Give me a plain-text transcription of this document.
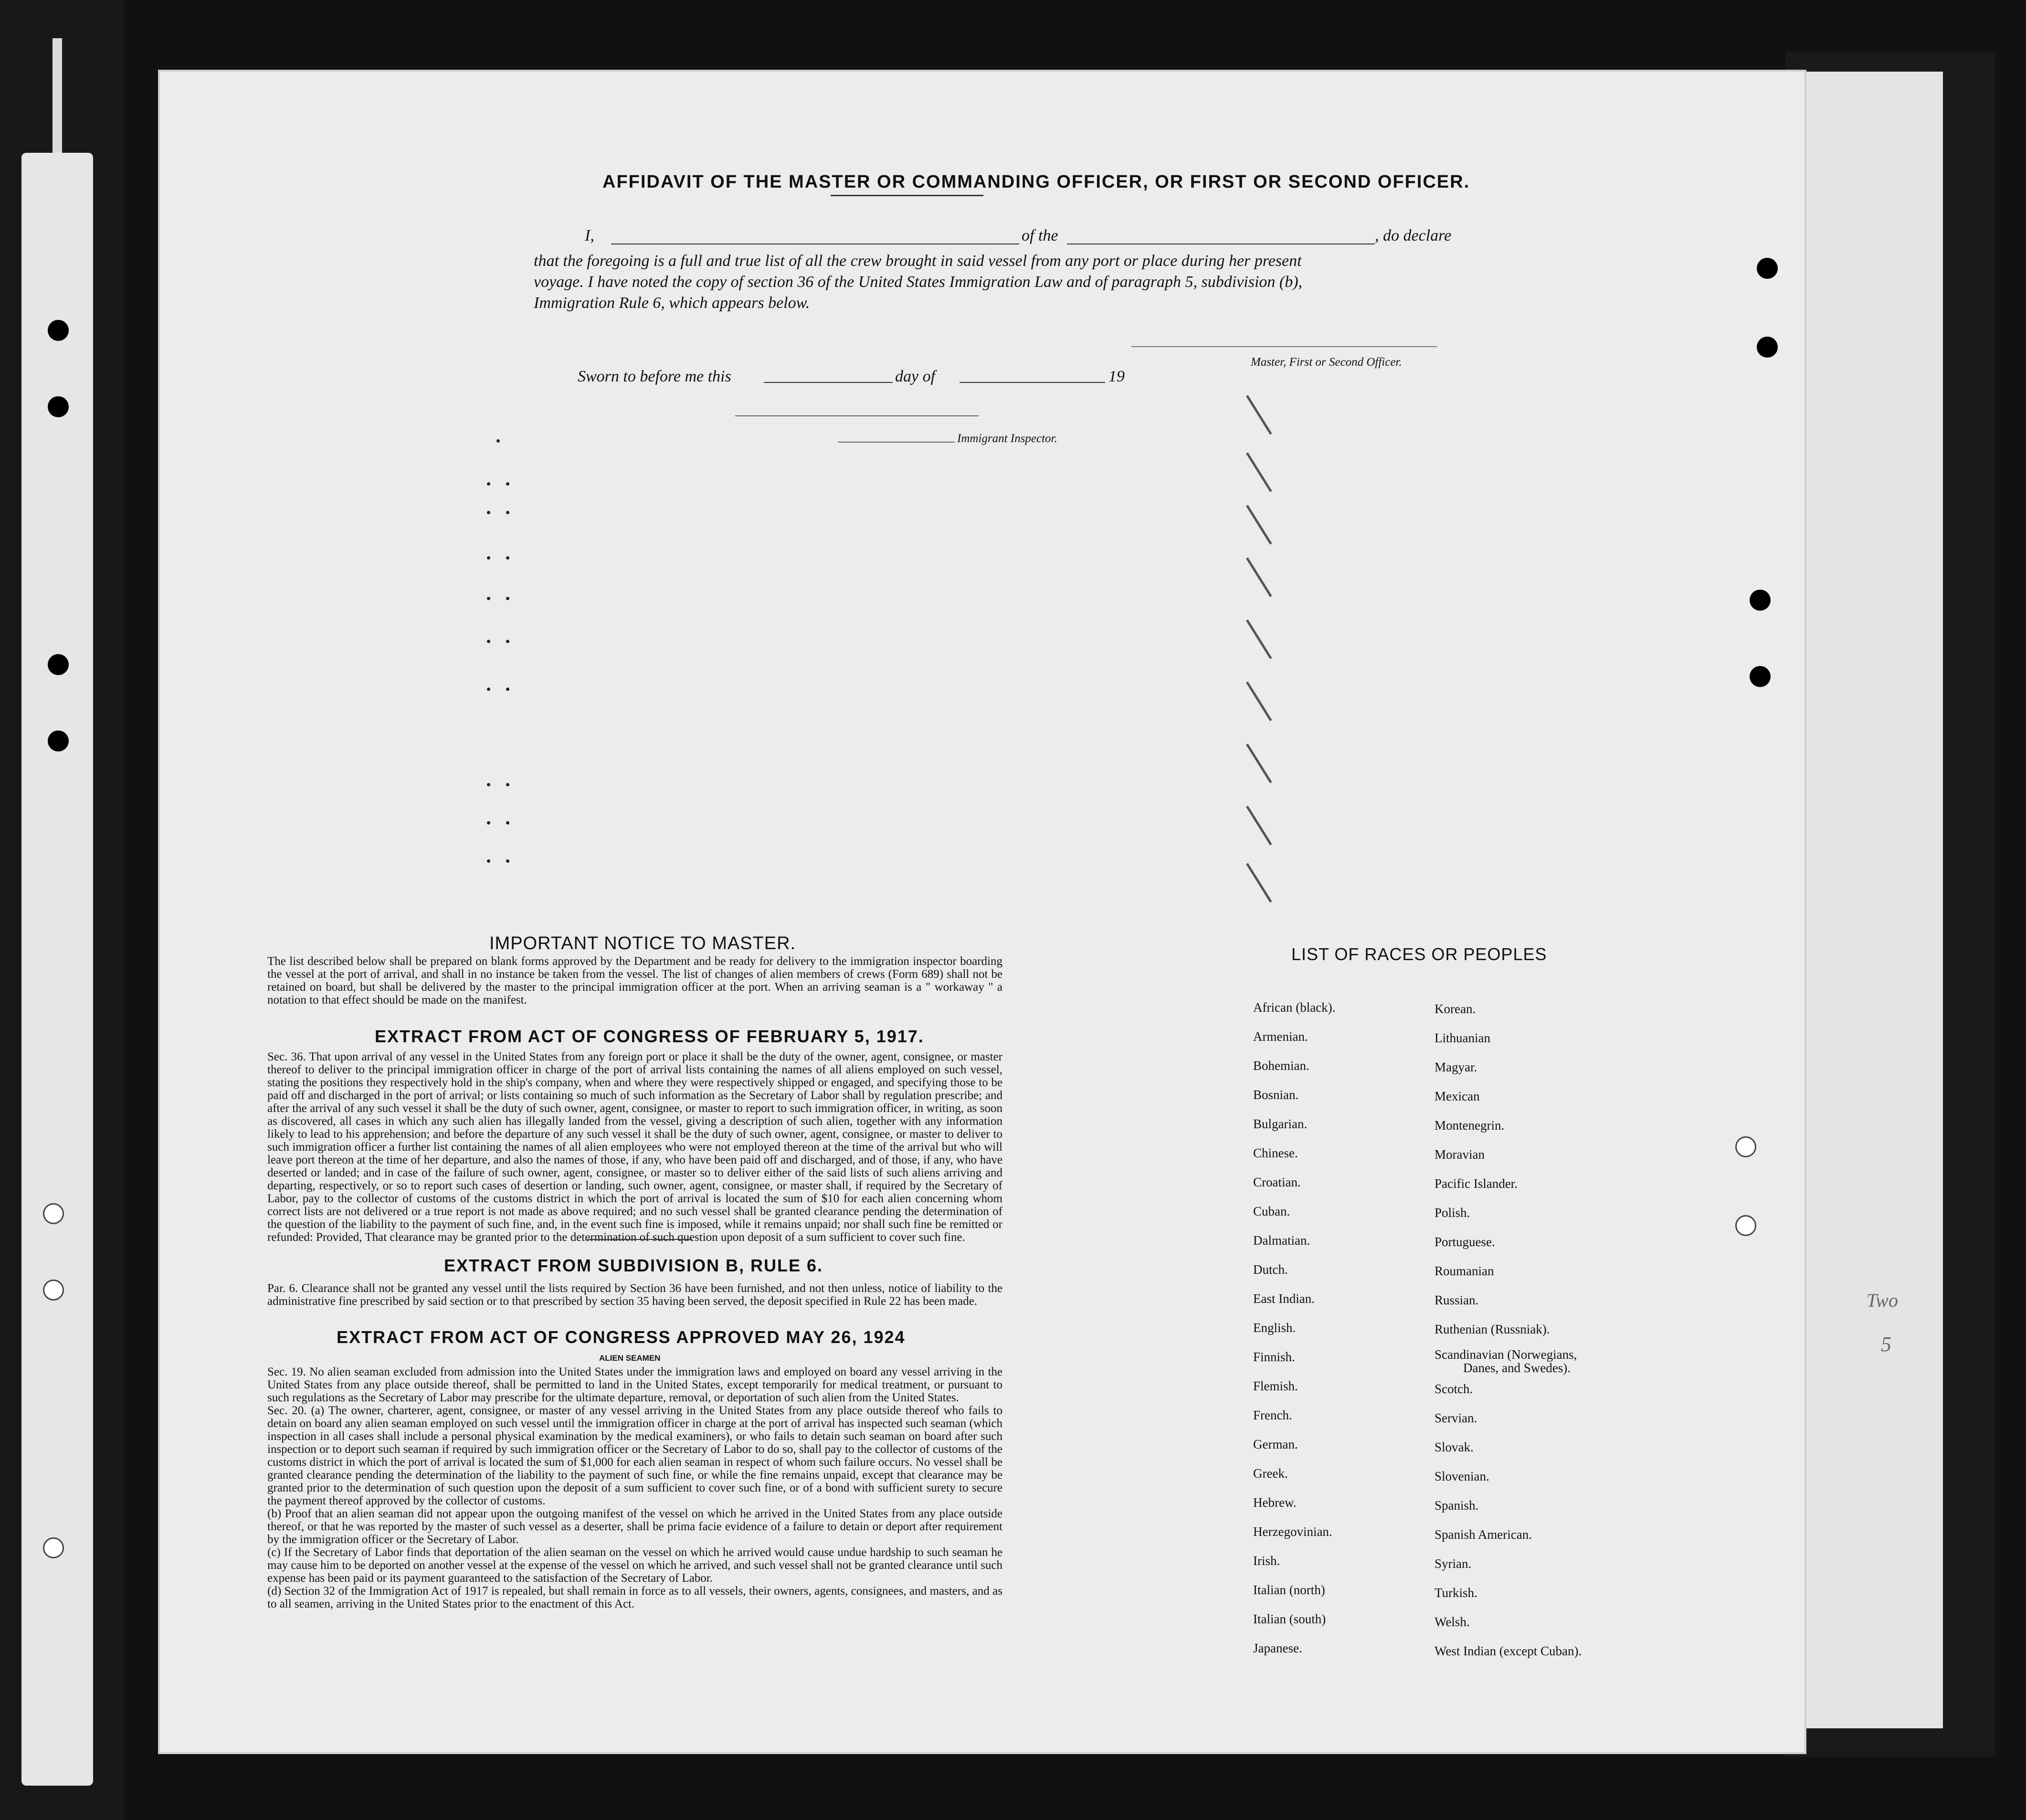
Two
5
AFFIDAVIT OF THE MASTER OR COMMANDING OFFICER, OR FIRST OR SECOND OFFICER.
I,	of the	, do declare
that the foregoing is a full and true list of all the crew brought in said vessel from any port or place during her present
voyage. I have noted the copy of section 36 of the United States Immigration Law and of paragraph 5, subdivision (b),
Immigration Rule 6, which appears below.
Master, First or Second Officer.
Sworn to before me this	day of	19
Immigrant Inspector.
IMPORTANT NOTICE TO MASTER.
The list described below shall be prepared on blank forms approved by the Department and be ready for delivery to the immigration inspector boarding the vessel at the port of arrival, and shall in no instance be taken from the vessel. The list of changes of alien members of crews (Form 689) shall not be retained on board, but shall be delivered by the master to the principal immigration officer at the port. When an arriving seaman is a " workaway " a notation to that effect should be made on the manifest.
EXTRACT FROM ACT OF CONGRESS OF FEBRUARY 5, 1917.
Sec. 36. That upon arrival of any vessel in the United States from any foreign port or place it shall be the duty of the owner, agent, consignee, or master thereof to deliver to the principal immigration officer in charge of the port of arrival lists containing the names of all aliens employed on such vessel, stating the positions they respectively hold in the ship's company, when and where they were respectively shipped or engaged, and specifying those to be paid off and discharged in the port of arrival; or lists containing so much of such information as the Secretary of Labor shall by regulation prescribe; and after the arrival of any such vessel it shall be the duty of such owner, agent, consignee, or master to report to such immigration officer, in writing, as soon as discovered, all cases in which any such alien has illegally landed from the vessel, giving a description of such alien, together with any information likely to lead to his apprehension; and before the departure of any such vessel it shall be the duty of such owner, agent, consignee, or master to deliver to such immigration officer a further list containing the names of all alien employees who were not employed thereon at the time of the arrival but who will leave port thereon at the time of her departure, and also the names of those, if any, who have been paid off and discharged, and of those, if any, who have deserted or landed; and in case of the failure of such owner, agent, consignee, or master so to deliver either of the said lists of such aliens arriving and departing, respectively, or so to report such cases of desertion or landing, such owner, agent, consignee, or master shall, if required by the Secretary of Labor, pay to the collector of customs of the customs district in which the port of arrival is located the sum of $10 for each alien concerning whom correct lists are not delivered or a true report is not made as above required; and no such vessel shall be granted clearance pending the determination of the question of the liability to the payment of such fine, and, in the event such fine is imposed, while it remains unpaid; nor shall such fine be remitted or refunded: Provided, That clearance may be granted prior to the determination of such question upon deposit of a sum sufficient to cover such fine.
EXTRACT FROM SUBDIVISION B, RULE 6.
Par. 6. Clearance shall not be granted any vessel until the lists required by Section 36 have been furnished, and not then unless, notice of liability to the administrative fine prescribed by said section or to that prescribed by section 35 having been served, the deposit specified in Rule 22 has been made.
EXTRACT FROM ACT OF CONGRESS APPROVED MAY 26, 1924
ALIEN SEAMEN
Sec. 19. No alien seaman excluded from admission into the United States under the immigration laws and employed on board any vessel arriving in the United States from any place outside thereof, shall be permitted to land in the United States, except temporarily for medical treatment, or pursuant to such regulations as the Secretary of Labor may prescribe for the ultimate departure, removal, or deportation of such alien from the United States.
Sec. 20. (a) The owner, charterer, agent, consignee, or master of any vessel arriving in the United States from any place outside thereof who fails to detain on board any alien seaman employed on such vessel until the immigration officer in charge at the port of arrival has inspected such seaman (which inspection in all cases shall include a personal physical examination by the medical examiners), or who fails to detain such seaman on board after such inspection or to deport such seaman if required by such immigration officer or the Secretary of Labor to do so, shall pay to the collector of customs of the customs district in which the port of arrival is located the sum of $1,000 for each alien seaman in respect of whom such failure occurs. No vessel shall be granted clearance pending the determination of the liability to the payment of such fine, or while the fine remains unpaid, except that clearance may be granted prior to the determination of such question upon the deposit of a sum sufficient to cover such fine, or of a bond with sufficient surety to secure the payment thereof approved by the collector of customs.
(b) Proof that an alien seaman did not appear upon the outgoing manifest of the vessel on which he arrived in the United States from any place outside thereof, or that he was reported by the master of such vessel as a deserter, shall be prima facie evidence of a failure to detain or deport after requirement by the immigration officer or the Secretary of Labor.
(c) If the Secretary of Labor finds that deportation of the alien seaman on the vessel on which he arrived would cause undue hardship to such seaman he may cause him to be deported on another vessel at the expense of the vessel on which he arrived, and such vessel shall not be granted clearance until such expense has been paid or its payment guaranteed to the satisfaction of the Secretary of Labor.
(d) Section 32 of the Immigration Act of 1917 is repealed, but shall remain in force as to all vessels, their owners, agents, consignees, and masters, and as to all seamen, arriving in the United States prior to the enactment of this Act.
LIST OF RACES OR PEOPLES
African (black).
Armenian.
Bohemian.
Bosnian.
Bulgarian.
Chinese.
Croatian.
Cuban.
Dalmatian.
Dutch.
East Indian.
English.
Finnish.
Flemish.
French.
German.
Greek.
Hebrew.
Herzegovinian.
Irish.
Italian (north)
Italian (south)
Japanese.
Korean.
Lithuanian
Magyar.
Mexican
Montenegrin.
Moravian
Pacific Islander.
Polish.
Portuguese.
Roumanian
Russian.
Ruthenian (Russniak).
Scandinavian (Norwegians,
Danes, and Swedes).
Scotch.
Servian.
Slovak.
Slovenian.
Spanish.
Spanish American.
Syrian.
Turkish.
Welsh.
West Indian (except Cuban).
